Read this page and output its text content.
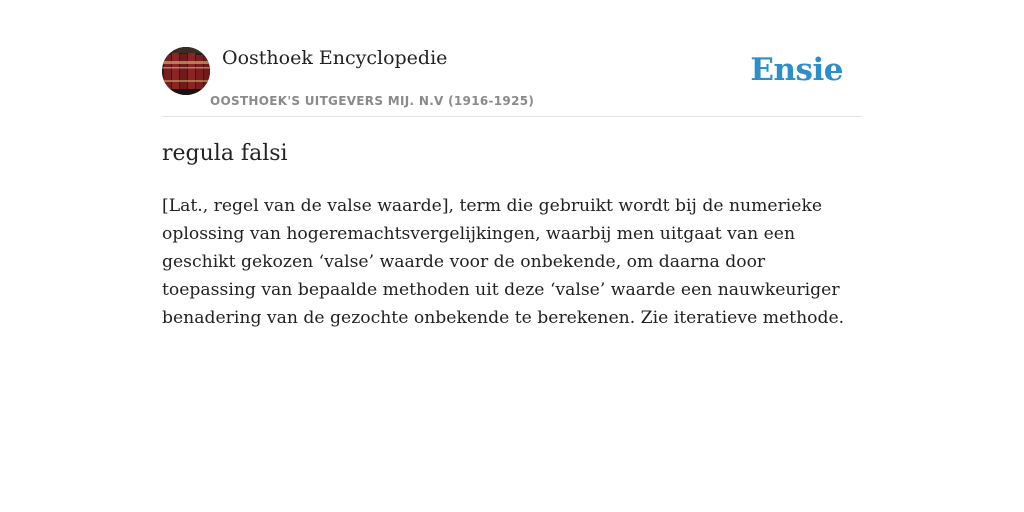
Oosthoek Encyclopedie
OOSTHOEK'S UITGEVERS MIJ. N.V (1916-1925)
Ensie
regula falsi

[Lat., regel van de valse waarde], term die gebruikt wordt bij de numerieke oplossing van hogeremachtsvergelijkingen, waarbij men uitgaat van een geschikt gekozen ‘valse’ waarde voor de onbekende, om daarna door toepassing van bepaalde methoden uit deze ‘valse’ waarde een nauwkeuriger benadering van de gezochte onbekende te berekenen. Zie iteratieve methode.
